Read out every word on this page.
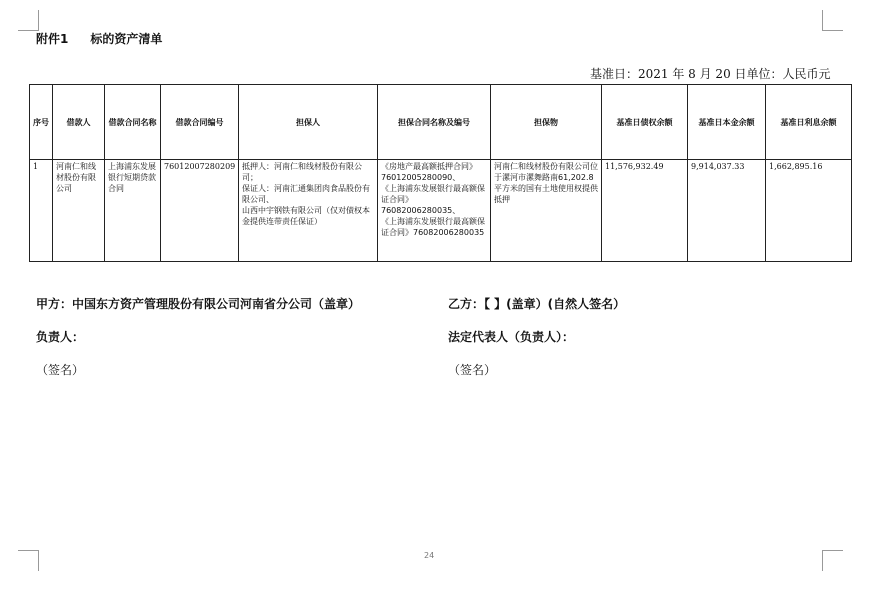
附件1 标的资产清单
基准日：2021 年 8 月 20 日单位：人民币元
序号	借款人	借款合同名称	借款合同编号	担保人	担保合同名称及编号	担保物	基准日债权余额	基准日本金余额	基准日利息余额
1	河南仁和线材股份有限公司	上海浦东发展银行短期贷款合同	76012007280209	抵押人：河南仁和线材股份有限公司；
保证人：河南汇通集团肉食品股份有限公司、
山西中宇钢铁有限公司（仅对债权本金提供连带责任保证）	《房地产最高额抵押合同》76012005280090、
《上海浦东发展银行最高额保证合同》76082006280035、
《上海浦东发展银行最高额保证合同》76082006280035	河南仁和线材股份有限公司位于漯河市漯舞路南61,202.8平方米的国有土地使用权提供抵押	11,576,932.49	9,914,037.33	1,662,895.16
甲方：中国东方资产管理股份有限公司河南省分公司（盖章）	乙方：【 】(盖章）(自然人签名）
负责人：	法定代表人（负责人）：
（签名）	（签名）
24
